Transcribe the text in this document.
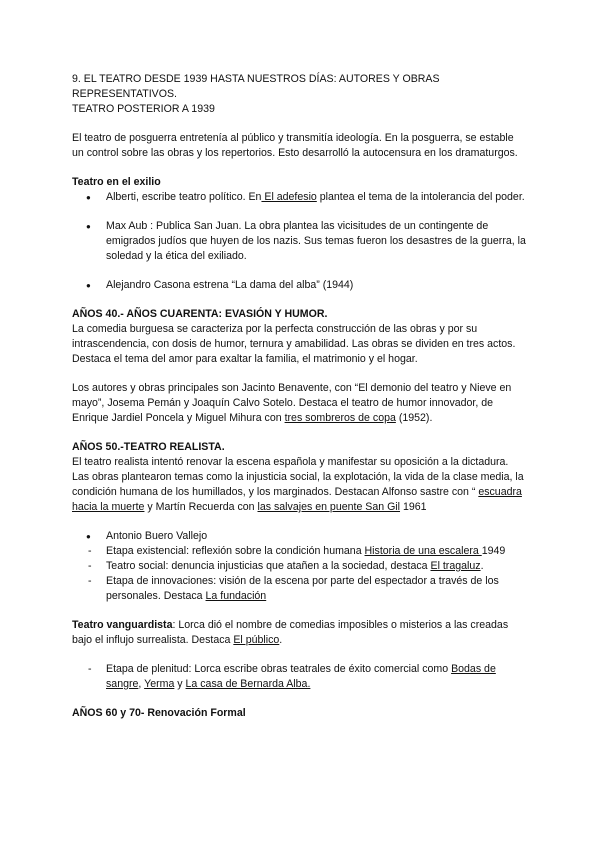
9. EL TEATRO DESDE 1939 HASTA NUESTROS DÍAS: AUTORES Y OBRAS REPRESENTATIVOS.
TEATRO POSTERIOR A 1939

El teatro de posguerra entretenía al público y transmitía ideología. En la posguerra, se estable un control sobre las obras y los repertorios. Esto desarrolló la autocensura en los dramaturgos.

Teatro en el exilio

● Alberti, escribe teatro político. En El adefesio plantea el tema de la intolerancia del poder.
● Max Aub : Publica San Juan. La obra plantea las vicisitudes de un contingente de emigrados judíos que huyen de los nazis. Sus temas fueron los desastres de la guerra, la soledad y la ética del exiliado.
● Alejandro Casona estrena “La dama del alba” (1944)

AÑOS 40.- AÑOS CUARENTA: EVASIÓN Y HUMOR.

La comedia burguesa se caracteriza por la perfecta construcción de las obras y por su intrascendencia, con dosis de humor, ternura y amabilidad. Las obras se dividen en tres actos. Destaca el tema del amor para exaltar la familia, el matrimonio y el hogar.

Los autores y obras principales son Jacinto Benavente, con “El demonio del teatro y Nieve en mayo”, Josema Pemán y Joaquín Calvo Sotelo. Destaca el teatro de humor innovador, de Enrique Jardiel Poncela y Miguel Mihura con tres sombreros de copa (1952).

AÑOS 50.-TEATRO REALISTA.

El teatro realista intentó renovar la escena española y manifestar su oposición a la dictadura.

Las obras plantearon temas como la injusticia social, la explotación, la vida de la clase media, la condición humana de los humillados, y los marginados. Destacan Alfonso sastre con “ escuadra hacia la muerte y Martín Recuerda con las salvajes en puente San Gil 1961

● Antonio Buero Vallejo
- Etapa existencial: reflexión sobre la condición humana Historia de una escalera 1949
- Teatro social: denuncia injusticias que atañen a la sociedad, destaca El tragaluz.
- Etapa de innovaciones: visión de la escena por parte del espectador a través de los personales. Destaca La fundación

Teatro vanguardista: Lorca dió el nombre de comedias imposibles o misterios a las creadas bajo el influjo surrealista. Destaca El público.

- Etapa de plenitud: Lorca escribe obras teatrales de éxito comercial como Bodas de sangre, Yerma y La casa de Bernarda Alba.

AÑOS 60 y 70- Renovación Formal
